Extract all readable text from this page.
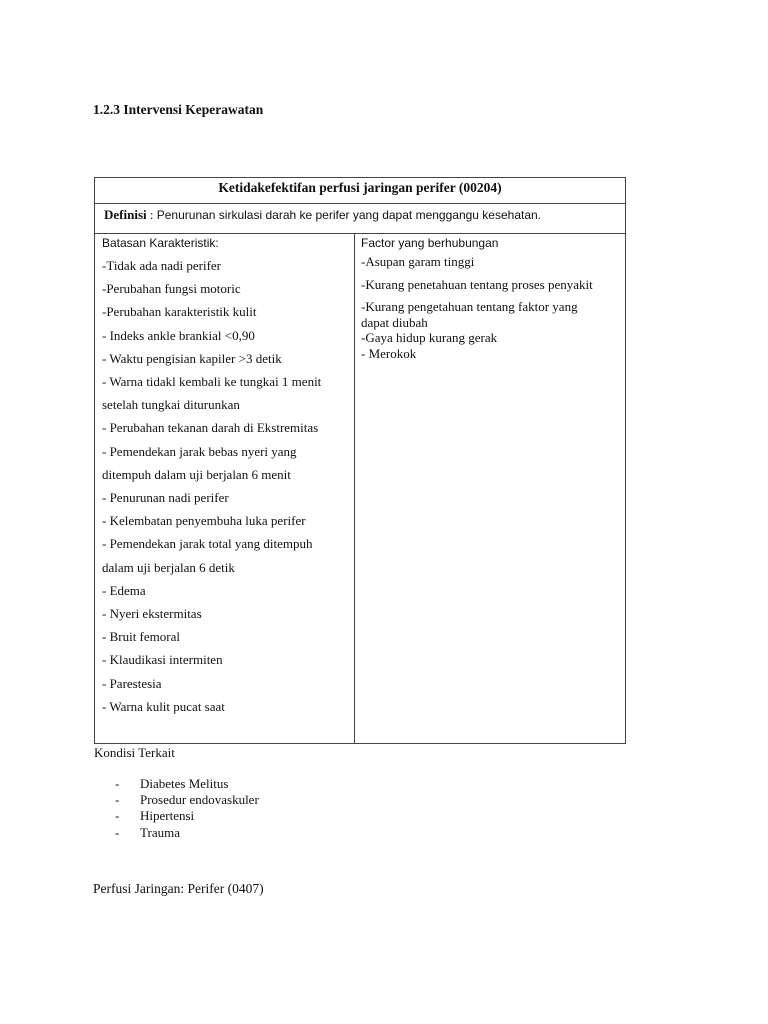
1.2.3 Intervensi Keperawatan

Ketidakefektifan perfusi jaringan perifer (00204)
Definisi : Penurunan sirkulasi darah ke perifer yang dapat menggangu kesehatan.

Batasan Karakteristik:

-Tidak ada nadi perifer
-Perubahan fungsi motoric
-Perubahan karakteristik kulit
- Indeks ankle brankial <0,90
- Waktu pengisian kapiler >3 detik
- Warna tidakl kembali ke tungkai 1 menit
setelah tungkai diturunkan
- Perubahan tekanan darah di Ekstremitas
- Pemendekan jarak bebas nyeri yang
ditempuh dalam uji berjalan 6 menit
- Penurunan nadi perifer
- Kelembatan penyembuha luka perifer
- Pemendekan jarak total yang ditempuh
dalam uji berjalan 6 detik
- Edema
- Nyeri ekstermitas
- Bruit femoral
- Klaudikasi intermiten
- Parestesia
- Warna kulit pucat saat

Factor yang berhubungan

-Asupan garam tinggi
-Kurang penetahuan tentang proses penyakit
-Kurang pengetahuan tentang faktor yang
dapat diubah
-Gaya hidup kurang gerak
- Merokok

Kondisi Terkait

- Diabetes Melitus
- Prosedur endovaskuler
- Hipertensi
- Trauma

Perfusi Jaringan: Perifer (0407)
